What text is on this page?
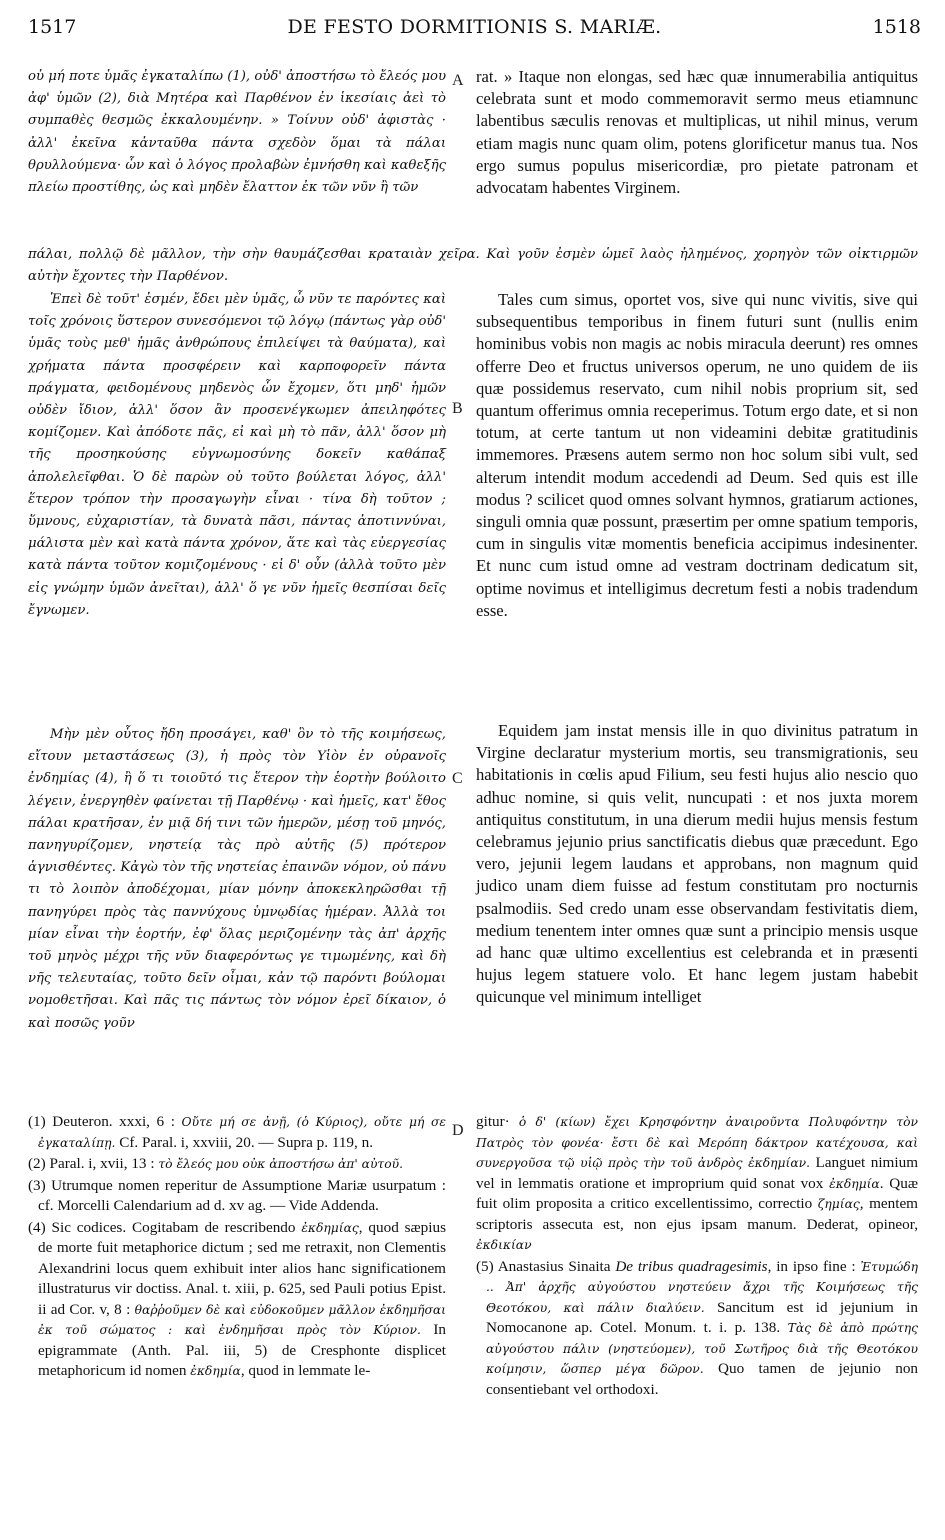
1517	DE FESTO DORMITIONIS S. MARIÆ.	1518
A
B
C
D

οὐ μή ποτε ὑμᾶς ἐγκαταλίπω (1), οὐδ' ἀποστήσω τὸ ἔλεός μου ἀφ' ὑμῶν (2), διὰ Μητέρα καὶ Παρθένον ἐν ἱκεσίαις ἀεὶ τὸ συμπαθὲς θεσμῶς ἐκκαλουμένην. » Τοίνυν οὐδ' ἀφιστὰς · ἀλλ' ἐκεῖνα κἀνταῦθα πάντα σχεδὸν ὅμαι τὰ πάλαι θρυλλούμενα· ὧν καὶ ὁ λόγος προλαβὼν ἐμνήσθη καὶ καθεξῆς πλείω προστίθης, ὡς καὶ μηδὲν ἔλαττον ἐκ τῶν νῦν ἢ τῶν

rat. » Itaque non elongas, sed hæc quæ innumerabilia antiquitus celebrata sunt et modo commemoravit sermo meus etiamnunc labentibus sæculis renovas et multiplicas, ut nihil minus, verum etiam magis nunc quam olim, potens glorificetur manus tua. Nos ergo sumus populus misericordiæ, pro pietate patronam et advocatam habentes Virginem.

πάλαι, πολλῷ δὲ μᾶλλον, τὴν σὴν θαυμάζεσθαι κραταιὰν χεῖρα. Καὶ γοῦν ἐσμὲν ὡμεῖ λαὸς ἠλημένος, χορηγὸν τῶν οἰκτιρμῶν αὐτὴν ἔχοντες τὴν Παρθένον.

Ἐπεὶ δὲ τοῦτ' ἐσμέν, ἔδει μὲν ὑμᾶς, ὦ νῦν τε παρόντες καὶ τοῖς χρόνοις ὕστερον συνεσόμενοι τῷ λόγῳ (πάντως γὰρ οὐδ' ὑμᾶς τοὺς μεθ' ἡμᾶς ἀνθρώπους ἐπιλείψει τὰ θαύματα), καὶ χρήματα πάντα προσφέρειν καὶ καρποφορεῖν πάντα πράγματα, φειδομένους μηδενὸς ὧν ἔχομεν, ὅτι μηδ' ἡμῶν οὐδὲν ἴδιον, ἀλλ' ὅσον ἂν προσενέγκωμεν ἀπειληφότες κομίζομεν. Καὶ ἀπόδοτε πᾶς, εἰ καὶ μὴ τὸ πᾶν, ἀλλ' ὅσον μὴ τῆς προσηκούσης εὐγνωμοσύνης δοκεῖν καθάπαξ ἀπολελεῖφθαι. Ὁ δὲ παρὼν οὐ τοῦτο βούλεται λόγος, ἀλλ' ἕτερον τρόπον τὴν προσαγωγὴν εἶναι · τίνα δὴ τοῦτον ; ὕμνους, εὐχαριστίαν, τὰ δυνατὰ πᾶσι, πάντας ἀποτιννύναι, μάλιστα μὲν καὶ κατὰ πάντα χρόνον, ἅτε καὶ τὰς εὐεργεσίας κατὰ πάντα τοῦτον κομιζομένους · εἰ δ' οὖν (ἀλλὰ τοῦτο μὲν εἰς γνώμην ὑμῶν ἀνεῖται), ἀλλ' ὅ γε νῦν ἡμεῖς θεσπίσαι δεῖς ἔγνωμεν.

Tales cum simus, oportet vos, sive qui nunc vivitis, sive qui subsequentibus temporibus in finem futuri sunt (nullis enim hominibus vobis non magis ac nobis miracula deerunt) res omnes offerre Deo et fructus universos operum, ne uno quidem de iis quæ possidemus reservato, cum nihil nobis proprium sit, sed quantum offerimus omnia receperimus. Totum ergo date, et si non totum, at certe tantum ut non videamini debitæ gratitudinis immemores. Præsens autem sermo non hoc solum sibi vult, sed alterum intendit modum accedendi ad Deum. Sed quis est ille modus ? scilicet quod omnes solvant hymnos, gratiarum actiones, singuli omnia quæ possunt, præsertim per omne spatium temporis, cum in singulis vitæ momentis beneficia accipimus indesinenter. Et nunc cum istud omne ad vestram doctrinam dedicatum sit, optime novimus et intelligimus decretum festi a nobis tradendum esse.

Μὴν μὲν οὗτος ἤδη προσάγει, καθ' ὃν τὸ τῆς κοιμήσεως, εἴτουν μεταστάσεως (3), ἡ πρὸς τὸν Υἱὸν ἐν οὐρανοῖς ἐνδημίας (4), ἢ ὅ τι τοιοῦτό τις ἕτερον τὴν ἑορτὴν βούλοιτο λέγειν, ἐνεργηθὲν φαίνεται τῇ Παρθένῳ · καὶ ἡμεῖς, κατ' ἔθος πάλαι κρατῆσαν, ἐν μιᾷ δή τινι τῶν ἡμερῶν, μέσῃ τοῦ μηνός, πανηγυρίζομεν, νηστείᾳ τὰς πρὸ αὐτῆς (5) πρότερον ἁγνισθέντες. Κἀγὼ τὸν τῆς νηστείας ἐπαινῶν νόμον, οὐ πάνυ τι τὸ λοιπὸν ἀποδέχομαι, μίαν μόνην ἀποκεκληρῶσθαι τῇ πανηγύρει πρὸς τὰς παννύχους ὑμνῳδίας ἡμέραν. Ἀλλὰ τοι μίαν εἶναι τὴν ἑορτήν, ἐφ' ὅλας μεριζομένην τὰς ἀπ' ἀρχῆς τοῦ μηνὸς μέχρι τῆς νῦν διαφερόντως γε τιμωμένης, καὶ δὴ νῆς τελευταίας, τοῦτο δεῖν οἶμαι, κἀν τῷ παρόντι βούλομαι νομοθετῆσαι. Καὶ πᾶς τις πάντως τὸν νόμον ἐρεῖ δίκαιον, ὁ καὶ ποσῶς γοῦν

Equidem jam instat mensis ille in quo divinitus patratum in Virgine declaratur mysterium mortis, seu transmigrationis, seu habitationis in cœlis apud Filium, seu festi hujus alio nescio quo adhuc nomine, si quis velit, nuncupati : et nos juxta morem antiquitus constitutum, in una dierum medii hujus mensis festum celebramus jejunio prius sanctificatis diebus quæ præcedunt. Ego vero, jejunii legem laudans et approbans, non magnum quid judico unam diem fuisse ad festum constitutam pro nocturnis psalmodiis. Sed credo unam esse observandam festivitatis diem, medium tenentem inter omnes quæ sunt a principio mensis usque ad hanc quæ ultimo excellentius est celebranda et in præsenti hujus legem statuere volo. Et hanc legem justam habebit quicunque vel minimum intelliget

(1) Deuteron. xxxi, 6 : Οὔτε μή σε ἀνῇ, (ὁ Κύριος), οὔτε μή σε ἐγκαταλίπῃ. Cf. Paral. i, xxviii, 20. — Supra p. 119, n.

(2) Paral. i, xvii, 13 : τὸ ἔλεός μου οὐκ ἀποστήσω ἀπ' αὐτοῦ.

(3) Utrumque nomen reperitur de Assumptione Mariæ usurpatum : cf. Morcelli Calendarium ad d. xv ag. — Vide Addenda.

(4) Sic codices. Cogitabam de rescribendo ἐκδημίας, quod sæpius de morte fuit metaphorice dictum ; sed me retraxit, non Clementis Alexandrini locus quem exhibuit inter alios hanc significationem illustraturus vir doctiss. Anal. t. xiii, p. 625, sed Pauli potius Epist. ii ad Cor. v, 8 : θαῤῥοῦμεν δὲ καὶ εὐδοκοῦμεν μᾶλλον ἐκδημῆσαι ἐκ τοῦ σώματος : καὶ ἐνδημῆσαι πρὸς τὸν Κύριον. In epigrammate (Anth. Pal. iii, 5) de Cresphonte displicet metaphoricum id nomen ἐκδημία, quod in lemmate le-

gitur· ὁ δ' (κίων) ἔχει Κρησφόντην ἀναιροῦντα Πολυφόντην τὸν Πατρὸς τὸν φονέα· ἔστι δὲ καὶ Μερόπη δάκτρον κατέχουσα, καὶ συνεργοῦσα τῷ υἱῷ πρὸς τὴν τοῦ ἀνδρὸς ἐκδημίαν. Languet nimium vel in lemmatis oratione et improprium quid sonat vox ἐκδημία. Quæ fuit olim proposita a critico excellentissimo, correctio ζημίας, mentem scriptoris assecuta est, non ejus ipsam manum. Dederat, opineor, ἐκδικίαν

(5) Anastasius Sinaita De tribus quadragesimis, in ipso fine : Ἐτυμώδη .. Ἀπ' ἀρχῆς αὐγούστου νηστεύειν ἄχρι τῆς Κοιμήσεως τῆς Θεοτόκου, καὶ πάλιν διαλύειν. Sancitum est id jejunium in Nomocanone ap. Cotel. Monum. t. i. p. 138. Τὰς δὲ ἀπὸ πρώτης αὐγούστου πάλιν (νηστεύομεν), τοῦ Σωτῆρος διὰ τῆς Θεοτόκου κοίμησιν, ὥσπερ μέγα δῶρον. Quo tamen de jejunio non consentiebant vel orthodoxi.
